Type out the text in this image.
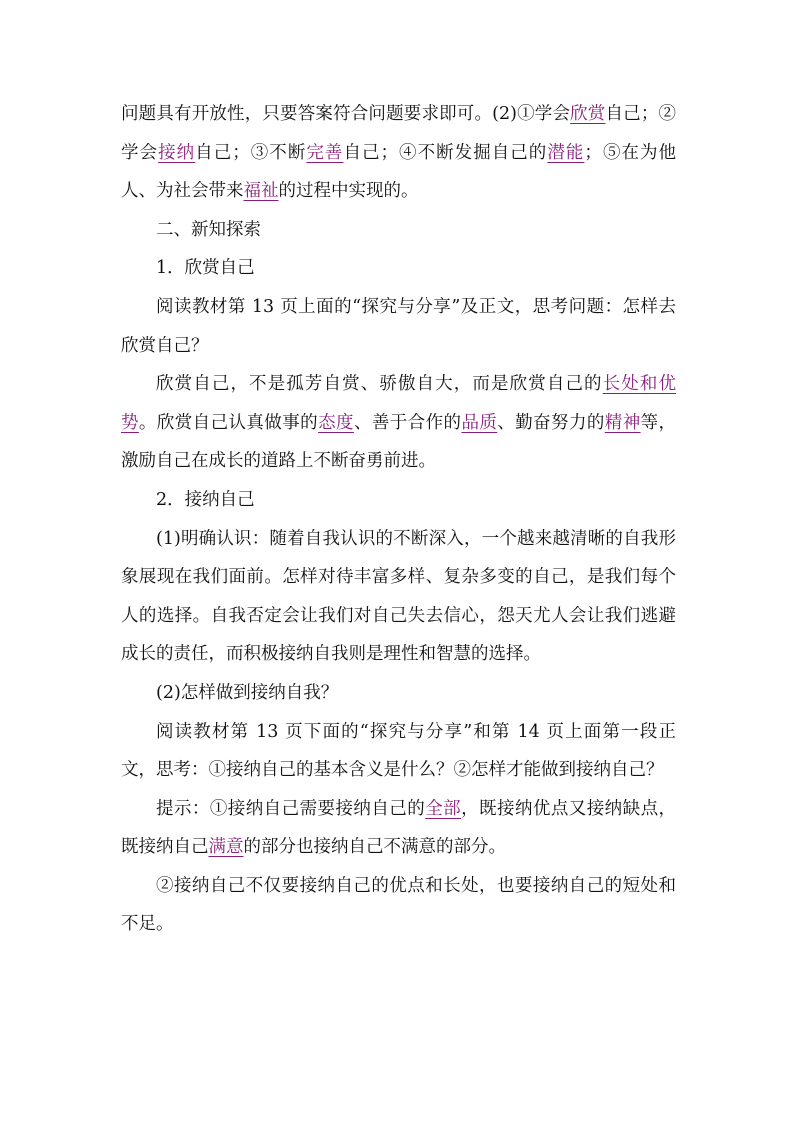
问题具有开放性，只要答案符合问题要求即可。(2)①学会欣赏自己；②学会接纳自己；③不断完善自己；④不断发掘自己的潜能；⑤在为他人、为社会带来福祉的过程中实现的。

二、新知探索

1．欣赏自己

阅读教材第 13 页上面的“探究与分享”及正文，思考问题：怎样去欣赏自己？

欣赏自己，不是孤芳自赏、骄傲自大，而是欣赏自己的长处和优势。欣赏自己认真做事的态度、善于合作的品质、勤奋努力的精神等，激励自己在成长的道路上不断奋勇前进。

2．接纳自己

(1)明确认识：随着自我认识的不断深入，一个越来越清晰的自我形象展现在我们面前。怎样对待丰富多样、复杂多变的自己，是我们每个人的选择。自我否定会让我们对自己失去信心，怨天尤人会让我们逃避成长的责任，而积极接纳自我则是理性和智慧的选择。

(2)怎样做到接纳自我？

阅读教材第 13 页下面的“探究与分享”和第 14 页上面第一段正文，思考：①接纳自己的基本含义是什么？②怎样才能做到接纳自己？

提示：①接纳自己需要接纳自己的全部，既接纳优点又接纳缺点，既接纳自己满意的部分也接纳自己不满意的部分。

②接纳自己不仅要接纳自己的优点和长处，也要接纳自己的短处和不足。
